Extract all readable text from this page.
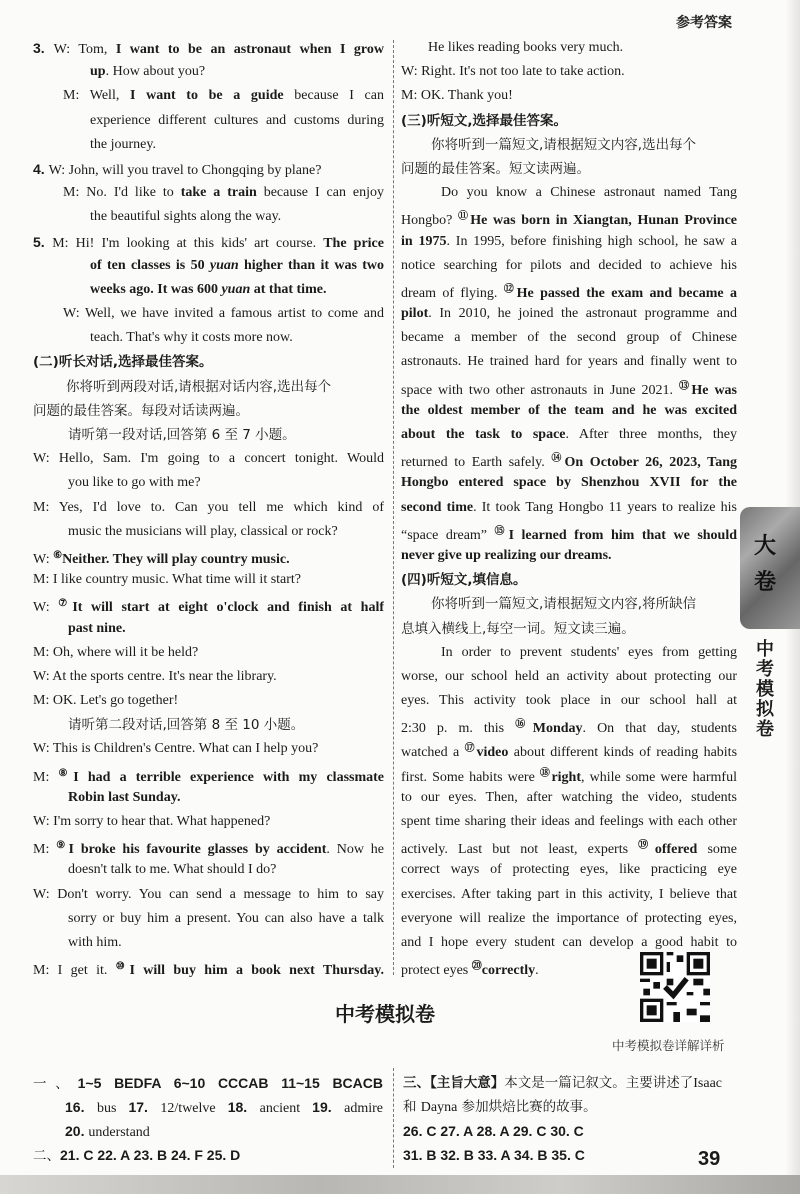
参考答案
3. W: Tom, I want to be an astronaut when I grow
up. How about you?
M: Well, I want to be a guide because I can
experience different cultures and customs during
the journey.
4. W: John, will you travel to Chongqing by plane?
M: No. I'd like to take a train because I can enjoy
the beautiful sights along the way.
5. M: Hi! I'm looking at this kids' art course. The price
of ten classes is 50 yuan higher than it was two
weeks ago. It was 600 yuan at that time.
W: Well, we have invited a famous artist to come and
teach. That's why it costs more now.
(二)听长对话,选择最佳答案。
你将听到两段对话,请根据对话内容,选出每个
问题的最佳答案。每段对话读两遍。
请听第一段对话,回答第 6 至 7 小题。
W: Hello, Sam. I'm going to a concert tonight. Would
you like to go with me?
M: Yes, I'd love to. Can you tell me which kind of
music the musicians will play, classical or rock?
W: ⑥Neither. They will play country music.
M: I like country music. What time will it start?
W: ⑦It will start at eight o'clock and finish at half
past nine.
M: Oh, where will it be held?
W: At the sports centre. It's near the library.
M: OK. Let's go together!
请听第二段对话,回答第 8 至 10 小题。
W: This is Children's Centre. What can I help you?
M: ⑧I had a terrible experience with my classmate
Robin last Sunday.
W: I'm sorry to hear that. What happened?
M: ⑨I broke his favourite glasses by accident. Now he
doesn't talk to me. What should I do?
W: Don't worry. You can send a message to him to say
sorry or buy him a present. You can also have a talk
with him.
M: I get it. ⑩I will buy him a book next Thursday.
He likes reading books very much.
W: Right. It's not too late to take action.
M: OK. Thank you!
(三)听短文,选择最佳答案。
你将听到一篇短文,请根据短文内容,选出每个
问题的最佳答案。短文读两遍。
Do you know a Chinese astronaut named Tang
Hongbo? ⑪He was born in Xiangtan, Hunan Province
in 1975. In 1995, before finishing high school, he saw a
notice searching for pilots and decided to achieve his
dream of flying. ⑫He passed the exam and became a
pilot. In 2010, he joined the astronaut programme and
became a member of the second group of Chinese
astronauts. He trained hard for years and finally went to
space with two other astronauts in June 2021. ⑬He was
the oldest member of the team and he was excited
about the task to space. After three months, they
returned to Earth safely. ⑭On October 26, 2023, Tang
Hongbo entered space by Shenzhou XVII for the
second time. It took Tang Hongbo 11 years to realize his
“space dream” ⑮I learned from him that we should
never give up realizing our dreams.
(四)听短文,填信息。
你将听到一篇短文,请根据短文内容,将所缺信
息填入横线上,每空一词。短文读三遍。
In order to prevent students' eyes from getting
worse, our school held an activity about protecting our
eyes. This activity took place in our school hall at
2:30 p. m. this ⑯Monday. On that day, students
watched a ⑰video about different kinds of reading habits
first. Some habits were ⑱right, while some were harmful
to our eyes. Then, after watching the video, students
spent time sharing their ideas and feelings with each other
actively. Last but not least, experts ⑲offered some
correct ways of protecting eyes, like practicing eye
exercises. After taking part in this activity, I believe that
everyone will realize the importance of protecting eyes,
and I hope every student can develop a good habit to
protect eyes ⑳correctly.
大
卷
中
考
模
拟
卷
中考模拟卷
中考模拟卷详解详析
一、1~5 BEDFA 6~10 CCCAB 11~15 BCACB
16. bus 17. 12/twelve 18. ancient 19. admire
20. understand
二、21. C 22. A 23. B 24. F 25. D
三、【主旨大意】本文是一篇记叙文。主要讲述了Isaac
和 Dayna 参加烘焙比赛的故事。
26. C 27. A 28. A 29. C 30. C
31. B 32. B 33. A 34. B 35. C	39
